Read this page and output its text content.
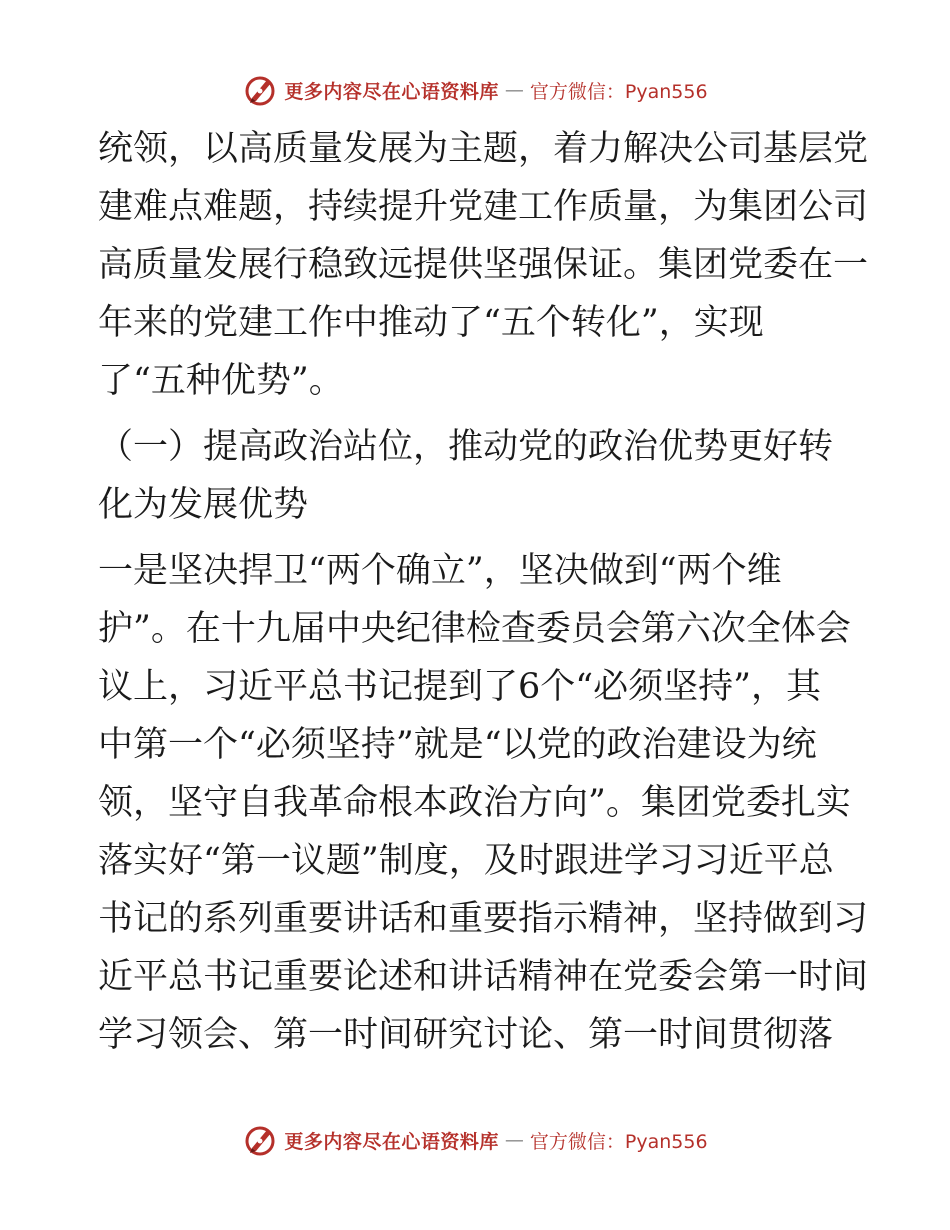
更多内容尽在心语资料库 — 官方微信：Pyan556
统领，以高质量发展为主题，着力解决公司基层党
建难点难题，持续提升党建工作质量，为集团公司
高质量发展行稳致远提供坚强保证。集团党委在一
年来的党建工作中推动了“五个转化”，实现
了“五种优势”。
（一）提高政治站位，推动党的政治优势更好转
化为发展优势
一是坚决捍卫“两个确立”，坚决做到“两个维
护”。在十九届中央纪律检查委员会第六次全体会
议上，习近平总书记提到了6个“必须坚持”，其
中第一个“必须坚持”就是“以党的政治建设为统
领，坚守自我革命根本政治方向”。集团党委扎实
落实好“第一议题”制度，及时跟进学习习近平总
书记的系列重要讲话和重要指示精神，坚持做到习
近平总书记重要论述和讲话精神在党委会第一时间
学习领会、第一时间研究讨论、第一时间贯彻落
更多内容尽在心语资料库 — 官方微信：Pyan556
